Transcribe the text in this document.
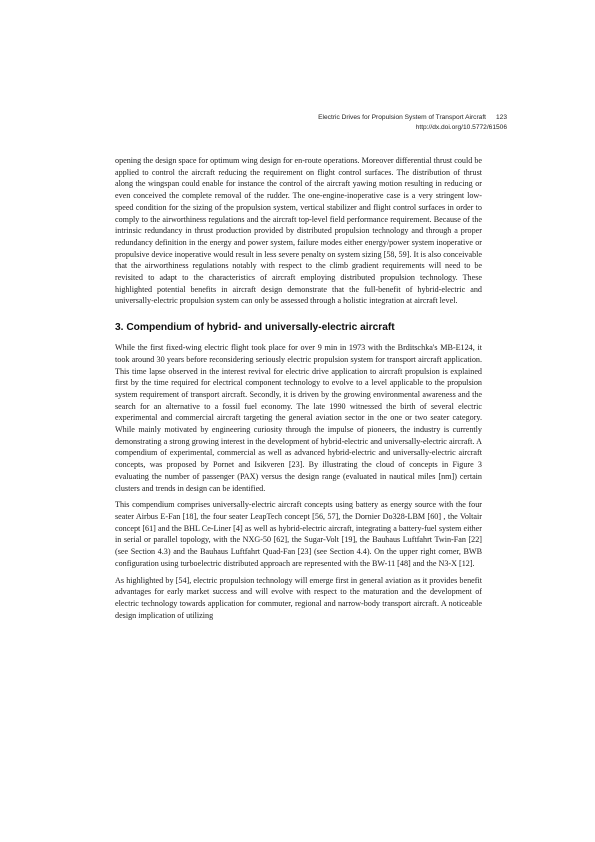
Electric Drives for Propulsion System of Transport Aircraft 123
http://dx.doi.org/10.5772/61506

opening the design space for optimum wing design for en-route operations. Moreover differential thrust could be applied to control the aircraft reducing the requirement on flight control surfaces. The distribution of thrust along the wingspan could enable for instance the control of the aircraft yawing motion resulting in reducing or even conceived the complete removal of the rudder. The one-engine-inoperative case is a very stringent low-speed condition for the sizing of the propulsion system, vertical stabilizer and flight control surfaces in order to comply to the airworthiness regulations and the aircraft top-level field performance requirement. Because of the intrinsic redundancy in thrust production provided by distributed propulsion technology and through a proper redundancy definition in the energy and power system, failure modes either energy/power system inoperative or propulsive device inoperative would result in less severe penalty on system sizing [58, 59]. It is also conceivable that the airworthiness regulations notably with respect to the climb gradient requirements will need to be revisited to adapt to the characteristics of aircraft employing distributed propulsion technology. These highlighted potential benefits in aircraft design demonstrate that the full-benefit of hybrid-electric and universally-electric propulsion system can only be assessed through a holistic integration at aircraft level.

3. Compendium of hybrid- and universally-electric aircraft

While the first fixed-wing electric flight took place for over 9 min in 1973 with the Brditschka's MB-E124, it took around 30 years before reconsidering seriously electric propulsion system for transport aircraft application. This time lapse observed in the interest revival for electric drive application to aircraft propulsion is explained first by the time required for electrical component technology to evolve to a level applicable to the propulsion system requirement of transport aircraft. Secondly, it is driven by the growing environmental awareness and the search for an alternative to a fossil fuel economy. The late 1990 witnessed the birth of several electric experimental and commercial aircraft targeting the general aviation sector in the one or two seater category. While mainly motivated by engineering curiosity through the impulse of pioneers, the industry is currently demonstrating a strong growing interest in the development of hybrid-electric and universally-electric aircraft. A compendium of experimental, commercial as well as advanced hybrid-electric and universally-electric aircraft concepts, was proposed by Pornet and Isikveren [23]. By illustrating the cloud of concepts in Figure 3 evaluating the number of passenger (PAX) versus the design range (evaluated in nautical miles [nm]) certain clusters and trends in design can be identified.

This compendium comprises universally-electric aircraft concepts using battery as energy source with the four seater Airbus E-Fan [18], the four seater LeapTech concept [56, 57], the Dornier Do328-LBM [60] , the Voltair concept [61] and the BHL Ce-Liner [4] as well as hybrid-electric aircraft, integrating a battery-fuel system either in serial or parallel topology, with the NXG-50 [62], the Sugar-Volt [19], the Bauhaus Luftfahrt Twin-Fan [22] (see Section 4.3) and the Bauhaus Luftfahrt Quad-Fan [23] (see Section 4.4). On the upper right corner, BWB configuration using turboelectric distributed approach are represented with the BW-11 [48] and the N3-X [12].

As highlighted by [54], electric propulsion technology will emerge first in general aviation as it provides benefit advantages for early market success and will evolve with respect to the maturation and the development of electric technology towards application for commuter, regional and narrow-body transport aircraft. A noticeable design implication of utilizing
